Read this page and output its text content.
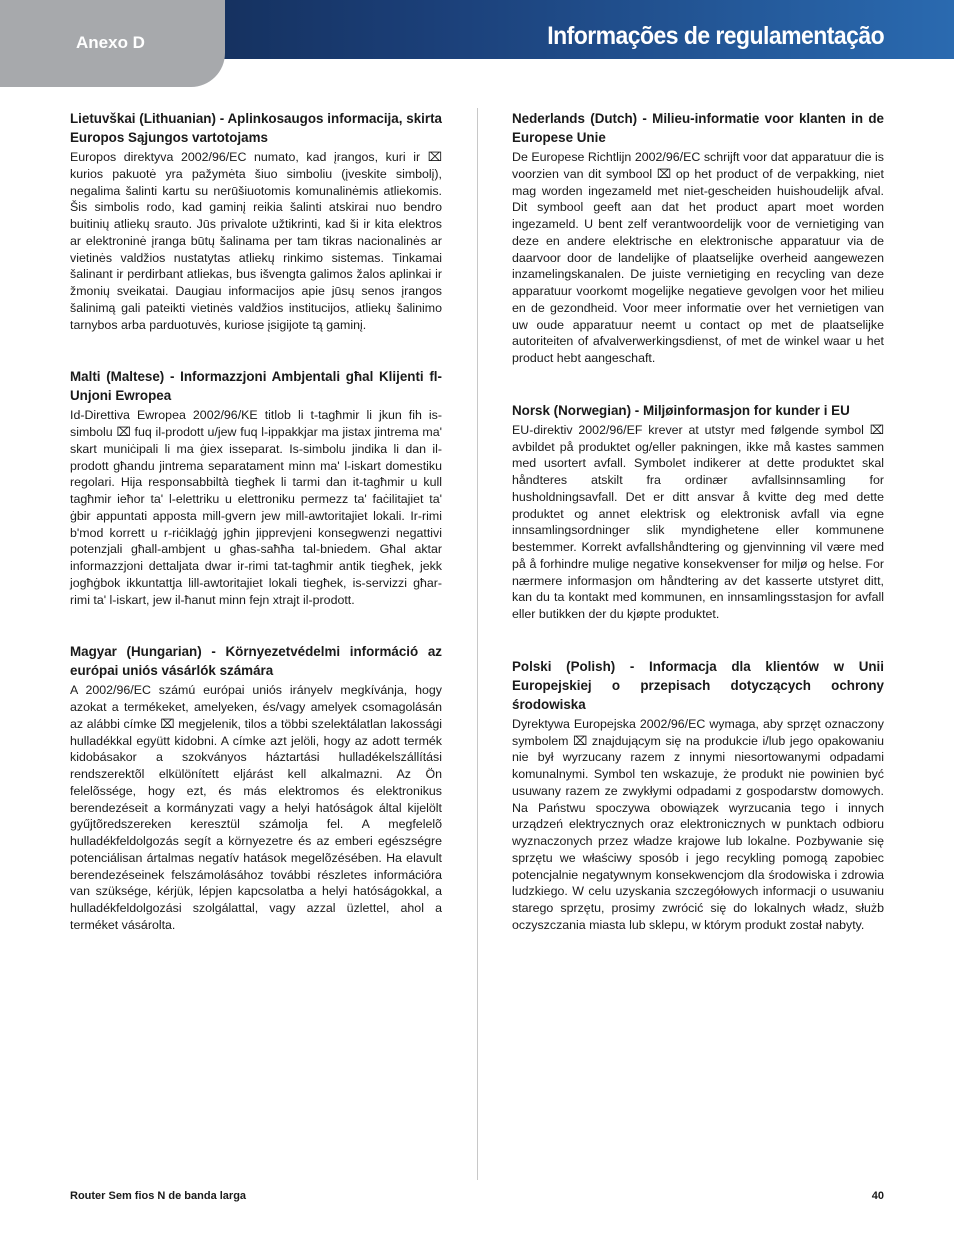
Anexo D	Informações de regulamentação
Lietuvškai (Lithuanian) - Aplinkosaugos informacija, skirta Europos Sąjungos vartotojams

Europos direktyva 2002/96/EC numato, kad įrangos, kuri ir ⌧ kurios pakuotė yra pažymėta šiuo simboliu (įveskite simbolį), negalima šalinti kartu su nerūšiuotomis komunalinėmis atliekomis. Šis simbolis rodo, kad gaminį reikia šalinti atskirai nuo bendro buitinių atliekų srauto. Jūs privalote užtikrinti, kad ši ir kita elektros ar elektroninė įranga būtų šalinama per tam tikras nacionalinės ar vietinės valdžios nustatytas atliekų rinkimo sistemas. Tinkamai šalinant ir perdirbant atliekas, bus išvengta galimos žalos aplinkai ir žmonių sveikatai. Daugiau informacijos apie jūsų senos įrangos šalinimą gali pateikti vietinės valdžios institucijos, atliekų šalinimo tarnybos arba parduotuvės, kuriose įsigijote tą gaminį.

Malti (Maltese) - Informazzjoni Ambjentali għal Klijenti fl-Unjoni Ewropea

Id-Direttiva Ewropea 2002/96/KE titlob li t-tagħmir li jkun fih is-simbolu ⌧ fuq il-prodott u/jew fuq l-ippakkjar ma jistax jintrema ma' skart muniċipali li ma ġiex isseparat. Is-simbolu jindika li dan il-prodott għandu jintrema separatament minn ma' l-iskart domestiku regolari. Hija responsabbiltà tiegħek li tarmi dan it-tagħmir u kull tagħmir ieħor ta' l-elettriku u elettroniku permezz ta' faċilitajiet ta' ġbir appuntati apposta mill-gvern jew mill-awtoritajiet lokali. Ir-rimi b'mod korrett u r-riċiklaġġ jgħin jipprevjeni konsegwenzi negattivi potenzjali għall-ambjent u għas-saħħa tal-bniedem. Għal aktar informazzjoni dettaljata dwar ir-rimi tat-tagħmir antik tiegħek, jekk jogħġbok ikkuntattja lill-awtoritajiet lokali tiegħek, is-servizzi għar-rimi ta' l-iskart, jew il-ħanut minn fejn xtrajt il-prodott.

Magyar (Hungarian) - Környezetvédelmi információ az európai uniós vásárlók számára

A 2002/96/EC számú európai uniós irányelv megkívánja, hogy azokat a termékeket, amelyeken, és/vagy amelyek csomagolásán az alábbi címke ⌧ megjelenik, tilos a többi szelektálatlan lakossági hulladékkal együtt kidobni. A címke azt jelöli, hogy az adott termék kidobásakor a szokványos háztartási hulladékelszállítási rendszerektõl elkülönített eljárást kell alkalmazni. Az Ön felelõssége, hogy ezt, és más elektromos és elektronikus berendezéseit a kormányzati vagy a helyi hatóságok által kijelölt gyűjtõredszereken keresztül számolja fel. A megfelelõ hulladékfeldolgozás segít a környezetre és az emberi egészségre potenciálisan ártalmas negatív hatások megelõzésében. Ha elavult berendezéseinek felszámolásához további részletes információra van szüksége, kérjük, lépjen kapcsolatba a helyi hatóságokkal, a hulladékfeldolgozási szolgálattal, vagy azzal üzlettel, ahol a terméket vásárolta.

Nederlands (Dutch) - Milieu-informatie voor klanten in de Europese Unie

De Europese Richtlijn 2002/96/EC schrijft voor dat apparatuur die is voorzien van dit symbool ⌧ op het product of de verpakking, niet mag worden ingezameld met niet-gescheiden huishoudelijk afval. Dit symbool geeft aan dat het product apart moet worden ingezameld. U bent zelf verantwoordelijk voor de vernietiging van deze en andere elektrische en elektronische apparatuur via de daarvoor door de landelijke of plaatselijke overheid aangewezen inzamelingskanalen. De juiste vernietiging en recycling van deze apparatuur voorkomt mogelijke negatieve gevolgen voor het milieu en de gezondheid. Voor meer informatie over het vernietigen van uw oude apparatuur neemt u contact op met de plaatselijke autoriteiten of afvalverwerkingsdienst, of met de winkel waar u het product hebt aangeschaft.

Norsk (Norwegian) - Miljøinformasjon for kunder i EU

EU-direktiv 2002/96/EF krever at utstyr med følgende symbol ⌧ avbildet på produktet og/eller pakningen, ikke må kastes sammen med usortert avfall. Symbolet indikerer at dette produktet skal håndteres atskilt fra ordinær avfallsinnsamling for husholdningsavfall. Det er ditt ansvar å kvitte deg med dette produktet og annet elektrisk og elektronisk avfall via egne innsamlingsordninger slik myndighetene eller kommunene bestemmer. Korrekt avfallshåndtering og gjenvinning vil være med på å forhindre mulige negative konsekvenser for miljø og helse. For nærmere informasjon om håndtering av det kasserte utstyret ditt, kan du ta kontakt med kommunen, en innsamlingsstasjon for avfall eller butikken der du kjøpte produktet.

Polski (Polish) - Informacja dla klientów w Unii Europejskiej o przepisach dotyczących ochrony środowiska

Dyrektywa Europejska 2002/96/EC wymaga, aby sprzęt oznaczony symbolem ⌧ znajdującym się na produkcie i/lub jego opakowaniu nie był wyrzucany razem z innymi niesortowanymi odpadami komunalnymi. Symbol ten wskazuje, że produkt nie powinien być usuwany razem ze zwykłymi odpadami z gospodarstw domowych. Na Państwu spoczywa obowiązek wyrzucania tego i innych urządzeń elektrycznych oraz elektronicznych w punktach odbioru wyznaczonych przez władze krajowe lub lokalne. Pozbywanie się sprzętu we właściwy sposób i jego recykling pomogą zapobiec potencjalnie negatywnym konsekwencjom dla środowiska i zdrowia ludzkiego. W celu uzyskania szczegółowych informacji o usuwaniu starego sprzętu, prosimy zwrócić się do lokalnych władz, służb oczyszczania miasta lub sklepu, w którym produkt został nabyty.

Router Sem fios N de banda larga	40
